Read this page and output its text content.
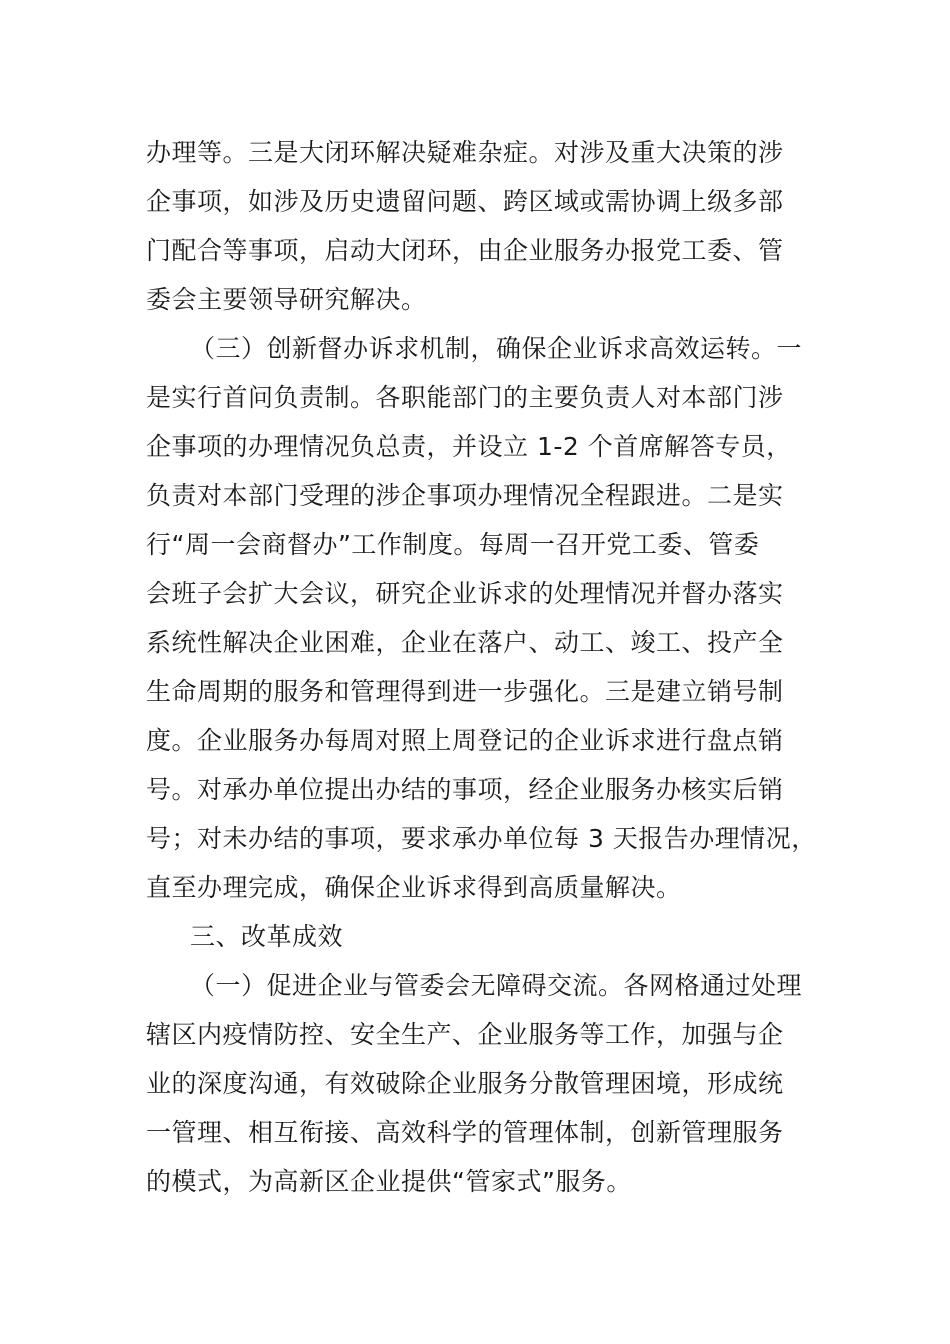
办理等。三是大闭环解决疑难杂症。对涉及重大决策的涉
企事项，如涉及历史遗留问题、跨区域或需协调上级多部
门配合等事项，启动大闭环，由企业服务办报党工委、管
委会主要领导研究解决。
（三）创新督办诉求机制，确保企业诉求高效运转。一
是实行首问负责制。各职能部门的主要负责人对本部门涉
企事项的办理情况负总责，并设立 1-2 个首席解答专员，
负责对本部门受理的涉企事项办理情况全程跟进。二是实
行“周一会商督办”工作制度。每周一召开党工委、管委
会班子会扩大会议，研究企业诉求的处理情况并督办落实
系统性解决企业困难，企业在落户、动工、竣工、投产全
生命周期的服务和管理得到进一步强化。三是建立销号制
度。企业服务办每周对照上周登记的企业诉求进行盘点销
号。对承办单位提出办结的事项，经企业服务办核实后销
号；对未办结的事项，要求承办单位每 3 天报告办理情况，
直至办理完成，确保企业诉求得到高质量解决。
三、改革成效
（一）促进企业与管委会无障碍交流。各网格通过处理
辖区内疫情防控、安全生产、企业服务等工作，加强与企
业的深度沟通，有效破除企业服务分散管理困境，形成统
一管理、相互衔接、高效科学的管理体制，创新管理服务
的模式，为高新区企业提供“管家式”服务。
